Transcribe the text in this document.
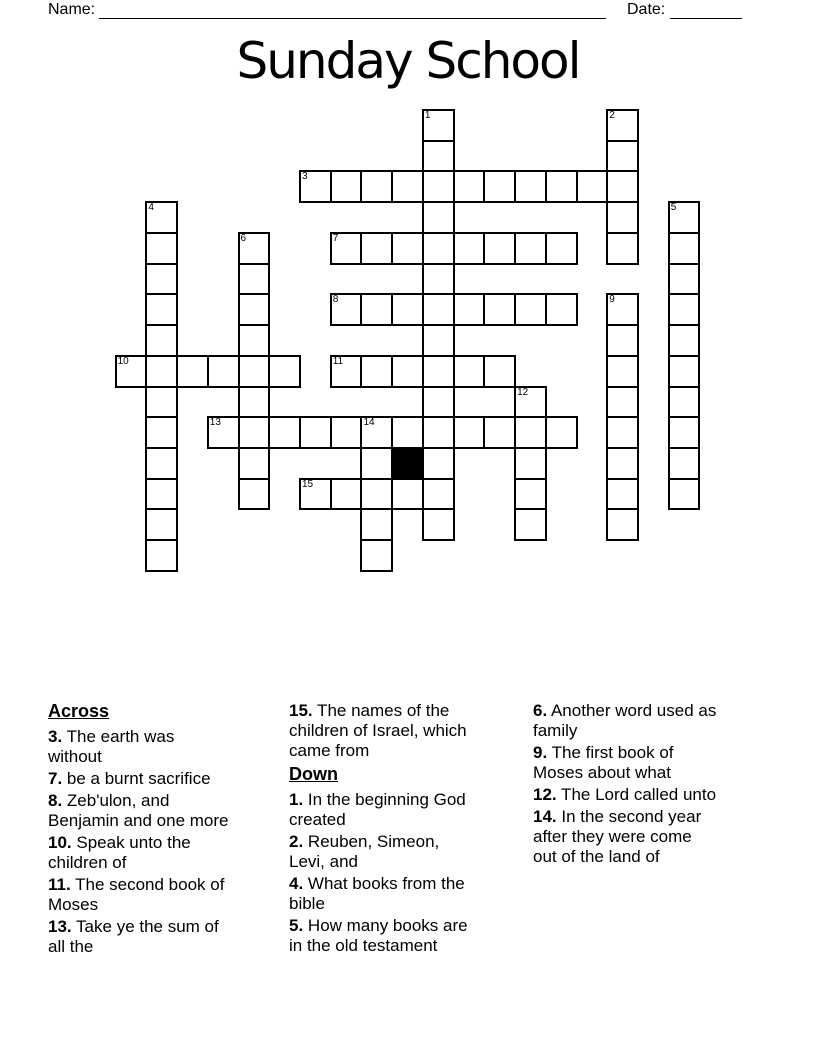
Name:	Date:
Sunday School
1	2
3
4	5
6	7
8	9
10	11
12
13	14
15
Across

3. The earth was without

7. be a burnt sacrifice

8. Zeb'ulon, and Benjamin and one more

10. Speak unto the children of

11. The second book of Moses

13. Take ye the sum of all the

15. The names of the children of Israel, which came from

Down

1. In the beginning God created

2. Reuben, Simeon, Levi, and

4. What books from the bible

5. How many books are in the old testament

6. Another word used as family

9. The first book of Moses about what

12. The Lord called unto

14. In the second year after they were come out of the land of
